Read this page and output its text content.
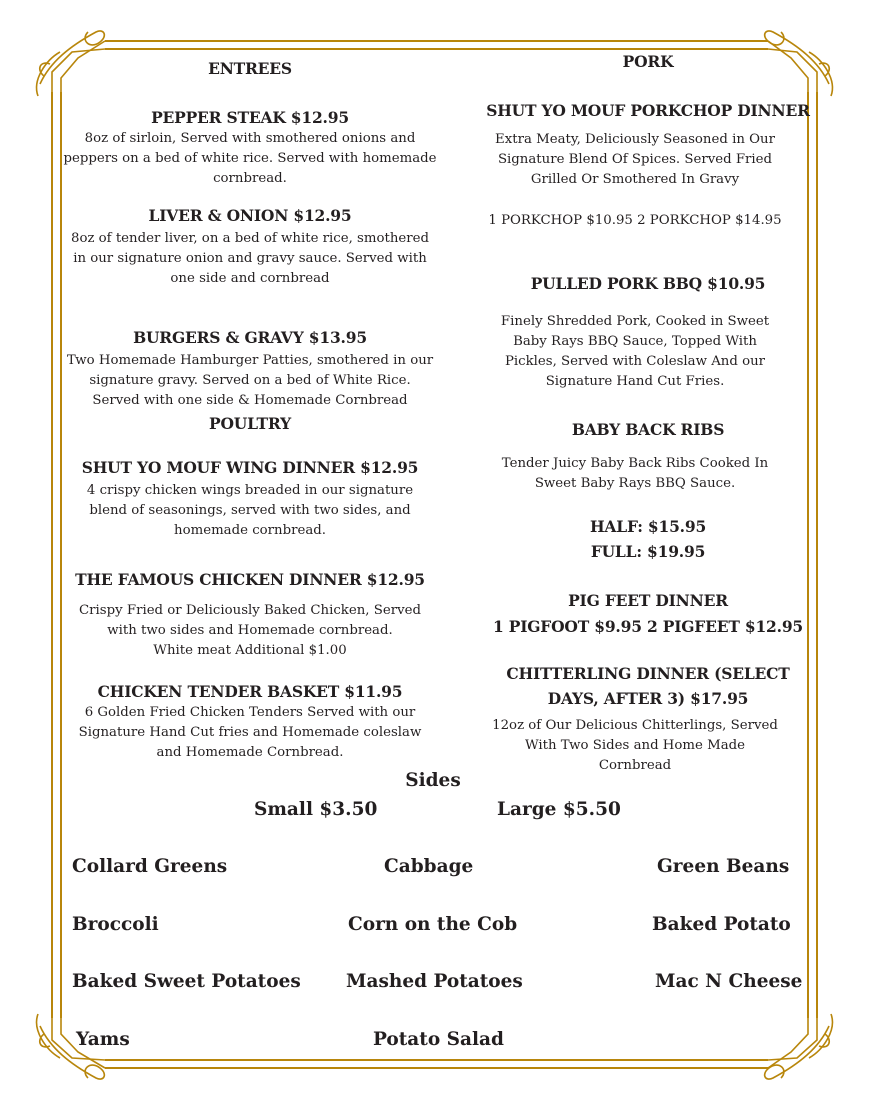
ENTREES
PEPPER STEAK $12.95
8oz of sirloin, Served with smothered onions and
peppers on a bed of white rice. Served with homemade
cornbread.
LIVER & ONION $12.95
8oz of tender liver, on a bed of white rice, smothered
in our signature onion and gravy sauce. Served with
one side and cornbread
BURGERS & GRAVY $13.95
Two Homemade Hamburger Patties, smothered in our
signature gravy. Served on a bed of White Rice.
Served with one side & Homemade Cornbread
POULTRY
SHUT YO MOUF WING DINNER $12.95
4 crispy chicken wings breaded in our signature
blend of seasonings, served with two sides, and
homemade cornbread.
THE FAMOUS CHICKEN DINNER $12.95
Crispy Fried or Deliciously Baked Chicken, Served
with two sides and Homemade cornbread.
White meat Additional $1.00
CHICKEN TENDER BASKET $11.95
6 Golden Fried Chicken Tenders Served with our
Signature Hand Cut fries and Homemade coleslaw
and Homemade Cornbread.
PORK
SHUT YO MOUF PORKCHOP DINNER
Extra Meaty, Deliciously Seasoned in Our
Signature Blend Of Spices. Served Fried
Grilled Or Smothered In Gravy
1 PORKCHOP $10.95 2 PORKCHOP $14.95
PULLED PORK BBQ $10.95
Finely Shredded Pork, Cooked in Sweet
Baby Rays BBQ Sauce, Topped With
Pickles, Served with Coleslaw And our
Signature Hand Cut Fries.
BABY BACK RIBS
Tender Juicy Baby Back Ribs Cooked In
Sweet Baby Rays BBQ Sauce.
HALF: $15.95
FULL: $19.95
PIG FEET DINNER
1 PIGFOOT $9.95 2 PIGFEET $12.95
CHITTERLING DINNER (SELECT
DAYS, AFTER 3) $17.95
12oz of Our Delicious Chitterlings, Served
With Two Sides and Home Made
Cornbread
Sides
Small $3.50	Large $5.50
Collard Greens	Cabbage	Green Beans
Broccoli	Corn on the Cob	Baked Potato
Baked Sweet Potatoes Mashed Potatoes	Mac N Cheese
Yams	Potato Salad
